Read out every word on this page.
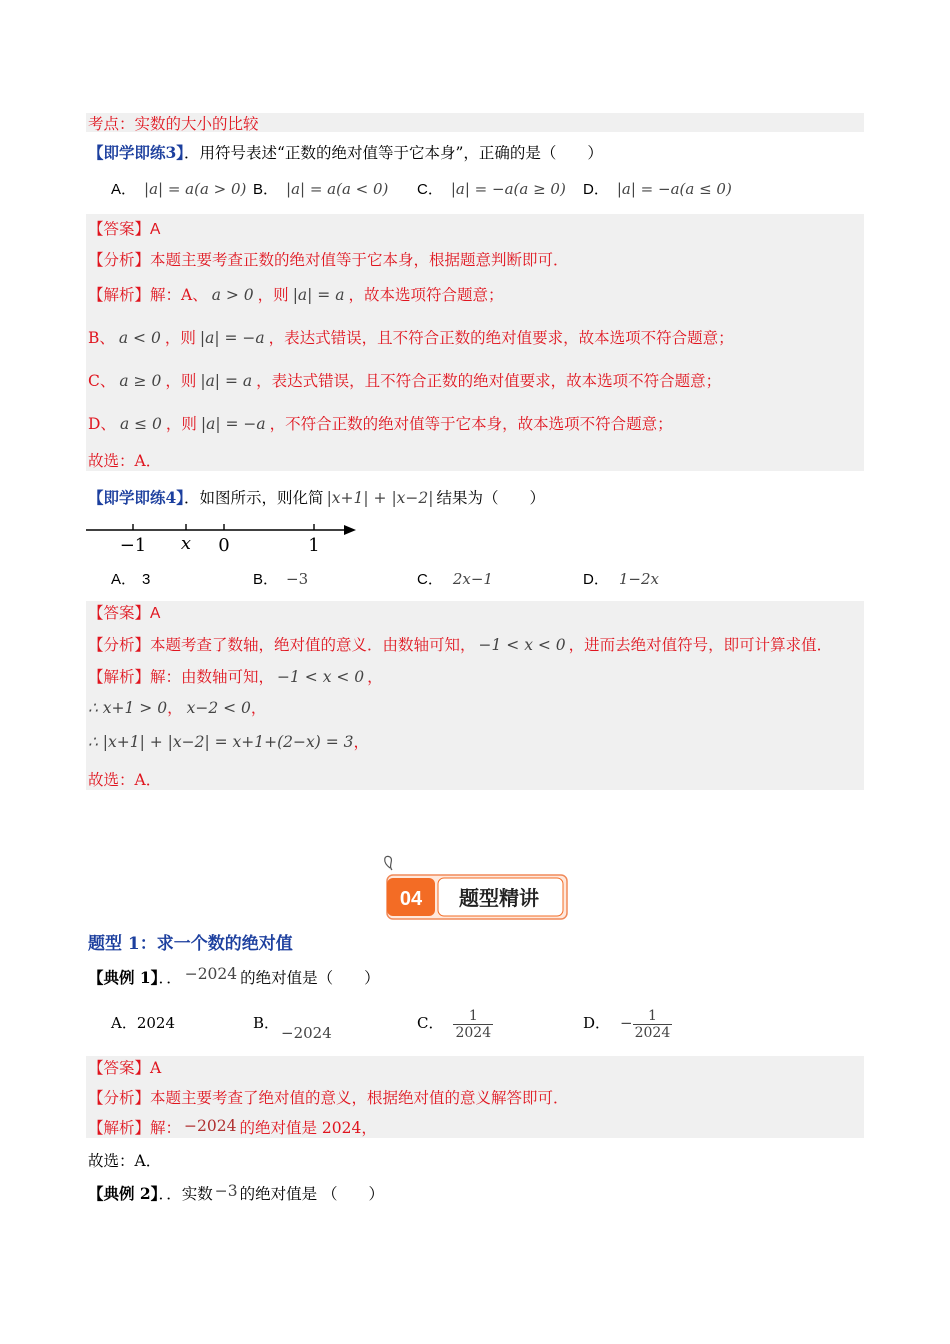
考点：实数的大小的比较
【即学即练3】．用符号表述“正数的绝对值等于它本身”，正确的是（　　）
A． |a| = a(a > 0) B． |a| = a(a < 0) C． |a| = −a(a ≥ 0) D． |a| = −a(a ≤ 0)
【答案】A
【分析】本题主要考查正数的绝对值等于它本身，根据题意判断即可．
【解析】解：A、 a > 0 ，则 |a| = a ，故本选项符合题意；
B、 a < 0 ，则 |a| = −a ，表达式错误，且不符合正数的绝对值要求，故本选项不符合题意；
C、 a ≥ 0 ，则 |a| = a ，表达式错误，且不符合正数的绝对值要求，故本选项不符合题意；
D、 a ≤ 0 ，则 |a| = −a ，不符合正数的绝对值等于它本身，故本选项不符合题意；
故选：A．
【即学即练4】．如图所示，则化简 |x+1| + |x−2| 结果为（　　）
−1 x 0	1
A． 3	B． −3	C． 2x−1	D． 1−2x
【答案】A
【分析】本题考查了数轴，绝对值的意义．由数轴可知， −1 < x < 0 ，进而去绝对值符号，即可计算求值．
【解析】解：由数轴可知， −1 < x < 0 ，
∴ x+1 > 0， x−2 < 0，
∴ |x+1| + |x−2| = x+1+(2−x) = 3，
故选：A．
04 题型精讲
题型 1：求一个数的绝对值
【典例 1】．． −2024 的绝对值是（　　）
A．2024	B．−2024
C． $\frac{1}{2024}$	D． − $\frac{1}{2024}$
【答案】A
【分析】本题主要考查了绝对值的意义，根据绝对值的意义解答即可．
【解析】解： −2024 的绝对值是 2024，
故选：A．
【典例 2】．．实数 −3 的绝对值是 （　　）
